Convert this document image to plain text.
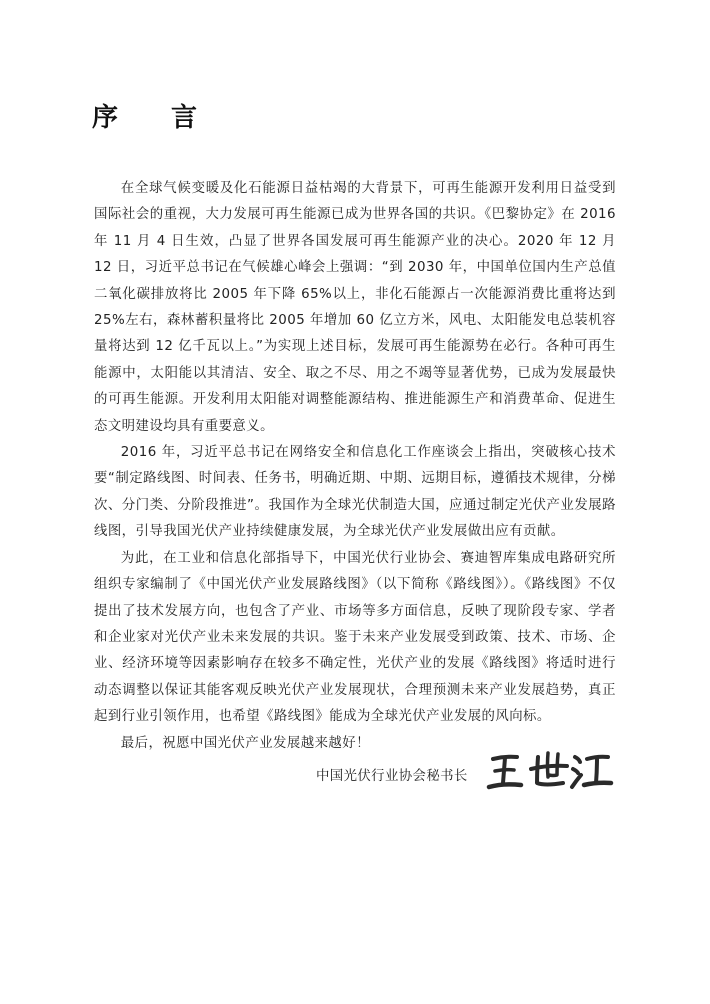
序 言

在全球气候变暖及化石能源日益枯竭的大背景下，可再生能源开发利用日益受到国际社会的重视，大力发展可再生能源已成为世界各国的共识。《巴黎协定》在 2016 年 11 月 4 日生效，凸显了世界各国发展可再生能源产业的决心。2020 年 12 月 12 日，习近平总书记在气候雄心峰会上强调：“到 2030 年，中国单位国内生产总值二氧化碳排放将比 2005 年下降 65%以上，非化石能源占一次能源消费比重将达到 25%左右，森林蓄积量将比 2005 年增加 60 亿立方米，风电、太阳能发电总装机容量将达到 12 亿千瓦以上。”为实现上述目标，发展可再生能源势在必行。各种可再生能源中，太阳能以其清洁、安全、取之不尽、用之不竭等显著优势，已成为发展最快的可再生能源。开发利用太阳能对调整能源结构、推进能源生产和消费革命、促进生态文明建设均具有重要意义。

2016 年，习近平总书记在网络安全和信息化工作座谈会上指出，突破核心技术要“制定路线图、时间表、任务书，明确近期、中期、远期目标，遵循技术规律，分梯次、分门类、分阶段推进”。我国作为全球光伏制造大国，应通过制定光伏产业发展路线图，引导我国光伏产业持续健康发展，为全球光伏产业发展做出应有贡献。

为此，在工业和信息化部指导下，中国光伏行业协会、赛迪智库集成电路研究所组织专家编制了《中国光伏产业发展路线图》（以下简称《路线图》）。《路线图》不仅提出了技术发展方向，也包含了产业、市场等多方面信息，反映了现阶段专家、学者和企业家对光伏产业未来发展的共识。鉴于未来产业发展受到政策、技术、市场、企业、经济环境等因素影响存在较多不确定性，光伏产业的发展《路线图》将适时进行动态调整以保证其能客观反映光伏产业发展现状，合理预测未来产业发展趋势，真正起到行业引领作用，也希望《路线图》能成为全球光伏产业发展的风向标。

最后，祝愿中国光伏产业发展越来越好！

中国光伏行业协会秘书长
